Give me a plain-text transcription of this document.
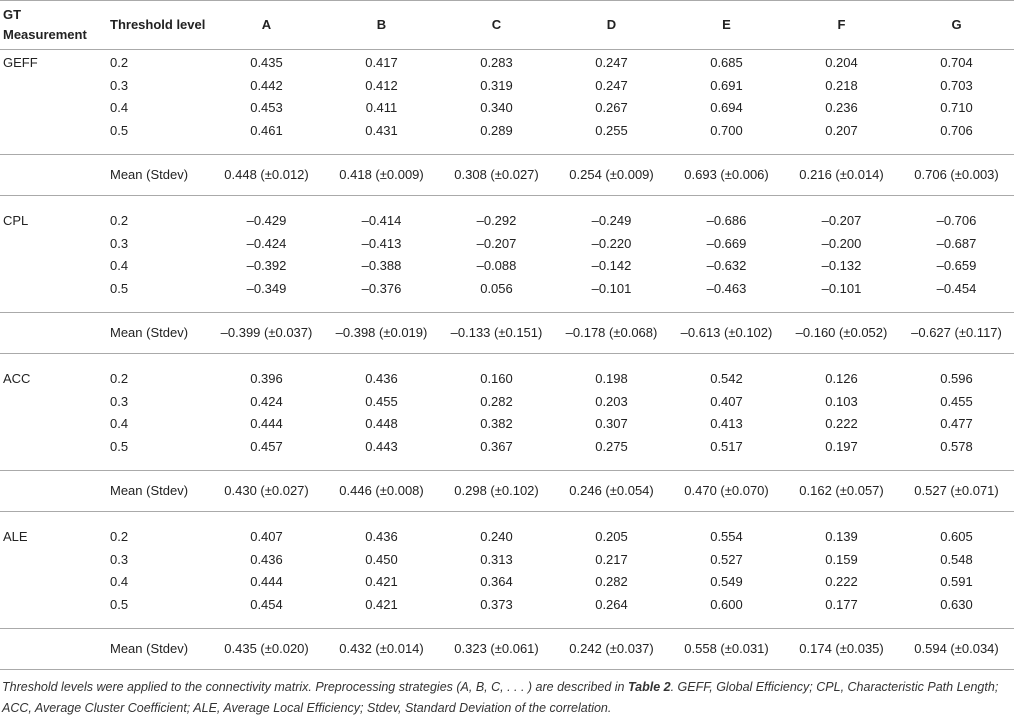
GT Measurement	Threshold level	A	B	C	D	E	F	G
GEFF	0.2	0.435	0.417	0.283	0.247	0.685	0.204	0.704
	0.3	0.442	0.412	0.319	0.247	0.691	0.218	0.703
	0.4	0.453	0.411	0.340	0.267	0.694	0.236	0.710
	0.5	0.461	0.431	0.289	0.255	0.700	0.207	0.706

	Mean (Stdev)	0.448 (±0.012)	0.418 (±0.009)	0.308 (±0.027)	0.254 (±0.009)	0.693 (±0.006)	0.216 (±0.014)	0.706 (±0.003)

CPL	0.2	–0.429	–0.414	–0.292	–0.249	–0.686	–0.207	–0.706
	0.3	–0.424	–0.413	–0.207	–0.220	–0.669	–0.200	–0.687
	0.4	–0.392	–0.388	–0.088	–0.142	–0.632	–0.132	–0.659
	0.5	–0.349	–0.376	0.056	–0.101	–0.463	–0.101	–0.454

	Mean (Stdev)	–0.399 (±0.037)	–0.398 (±0.019)	–0.133 (±0.151)	–0.178 (±0.068)	–0.613 (±0.102)	–0.160 (±0.052)	–0.627 (±0.117)

ACC	0.2	0.396	0.436	0.160	0.198	0.542	0.126	0.596
	0.3	0.424	0.455	0.282	0.203	0.407	0.103	0.455
	0.4	0.444	0.448	0.382	0.307	0.413	0.222	0.477
	0.5	0.457	0.443	0.367	0.275	0.517	0.197	0.578

	Mean (Stdev)	0.430 (±0.027)	0.446 (±0.008)	0.298 (±0.102)	0.246 (±0.054)	0.470 (±0.070)	0.162 (±0.057)	0.527 (±0.071)

ALE	0.2	0.407	0.436	0.240	0.205	0.554	0.139	0.605
	0.3	0.436	0.450	0.313	0.217	0.527	0.159	0.548
	0.4	0.444	0.421	0.364	0.282	0.549	0.222	0.591
	0.5	0.454	0.421	0.373	0.264	0.600	0.177	0.630

	Mean (Stdev)	0.435 (±0.020)	0.432 (±0.014)	0.323 (±0.061)	0.242 (±0.037)	0.558 (±0.031)	0.174 (±0.035)	0.594 (±0.034)

Threshold levels were applied to the connectivity matrix. Preprocessing strategies (A, B, C, . . . ) are described in Table 2. GEFF, Global Efficiency; CPL, Characteristic Path Length; ACC, Average Cluster Coefficient; ALE, Average Local Efficiency; Stdev, Standard Deviation of the correlation.
